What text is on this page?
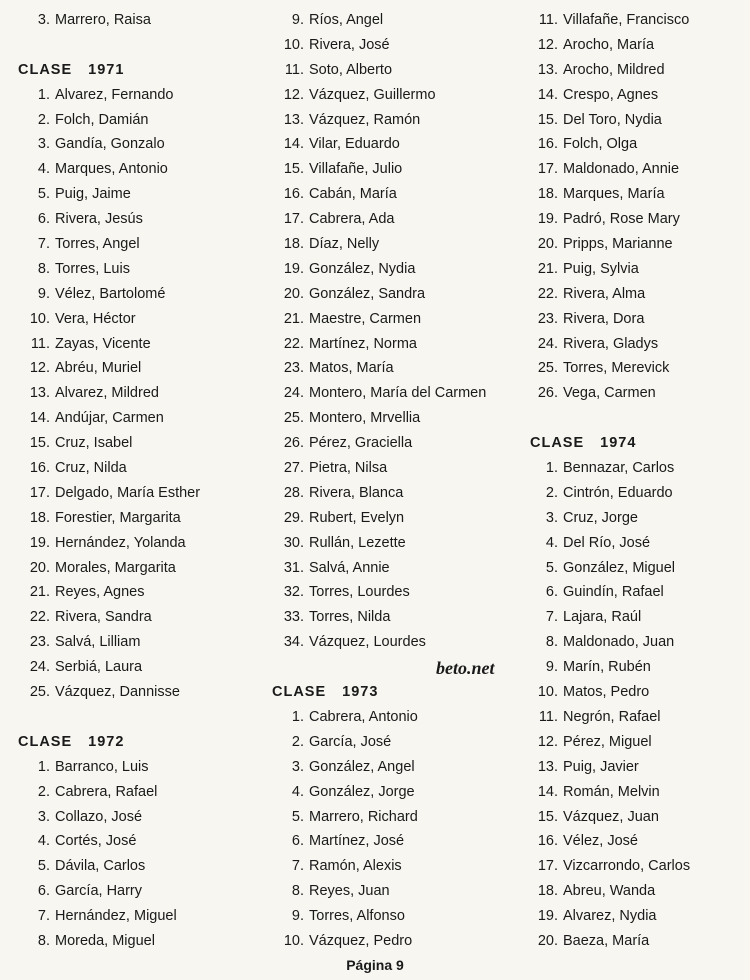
3. Marrero, Raisa
CLASE 1971
1. Alvarez, Fernando
2. Folch, Damián
3. Gandía, Gonzalo
4. Marques, Antonio
5. Puig, Jaime
6. Rivera, Jesús
7. Torres, Angel
8. Torres, Luis
9. Vélez, Bartolomé
10. Vera, Héctor
11. Zayas, Vicente
12. Abréu, Muriel
13. Alvarez, Mildred
14. Andújar, Carmen
15. Cruz, Isabel
16. Cruz, Nilda
17. Delgado, María Esther
18. Forestier, Margarita
19. Hernández, Yolanda
20. Morales, Margarita
21. Reyes, Agnes
22. Rivera, Sandra
23. Salvá, Lilliam
24. Serbiá, Laura
25. Vázquez, Dannisse
CLASE 1972
1. Barranco, Luis
2. Cabrera, Rafael
3. Collazo, José
4. Cortés, José
5. Dávila, Carlos
6. García, Harry
7. Hernández, Miguel
8. Moreda, Miguel
9. Ríos, Angel
10. Rivera, José
11. Soto, Alberto
12. Vázquez, Guillermo
13. Vázquez, Ramón
14. Vilar, Eduardo
15. Villafañe, Julio
16. Cabán, María
17. Cabrera, Ada
18. Díaz, Nelly
19. González, Nydia
20. González, Sandra
21. Maestre, Carmen
22. Martínez, Norma
23. Matos, María
24. Montero, María del Carmen
25. Montero, Mrvellia
26. Pérez, Graciella
27. Pietra, Nilsa
28. Rivera, Blanca
29. Rubert, Evelyn
30. Rullán, Lezette
31. Salvá, Annie
32. Torres, Lourdes
33. Torres, Nilda
34. Vázquez, Lourdes
CLASE 1973
1. Cabrera, Antonio
2. García, José
3. González, Angel
4. González, Jorge
5. Marrero, Richard
6. Martínez, José
7. Ramón, Alexis
8. Reyes, Juan
9. Torres, Alfonso
10. Vázquez, Pedro
11. Villafañe, Francisco
12. Arocho, María
13. Arocho, Mildred
14. Crespo, Agnes
15. Del Toro, Nydia
16. Folch, Olga
17. Maldonado, Annie
18. Marques, María
19. Padró, Rose Mary
20. Pripps, Marianne
21. Puig, Sylvia
22. Rivera, Alma
23. Rivera, Dora
24. Rivera, Gladys
25. Torres, Merevick
26. Vega, Carmen
CLASE 1974
1. Bennazar, Carlos
2. Cintrón, Eduardo
3. Cruz, Jorge
4. Del Río, José
5. González, Miguel
6. Guindín, Rafael
7. Lajara, Raúl
8. Maldonado, Juan
9. Marín, Rubén
10. Matos, Pedro
11. Negrón, Rafael
12. Pérez, Miguel
13. Puig, Javier
14. Román, Melvin
15. Vázquez, Juan
16. Vélez, José
17. Vizcarrondo, Carlos
18. Abreu, Wanda
19. Alvarez, Nydia
20. Baeza, María
beto.net
Página 9
